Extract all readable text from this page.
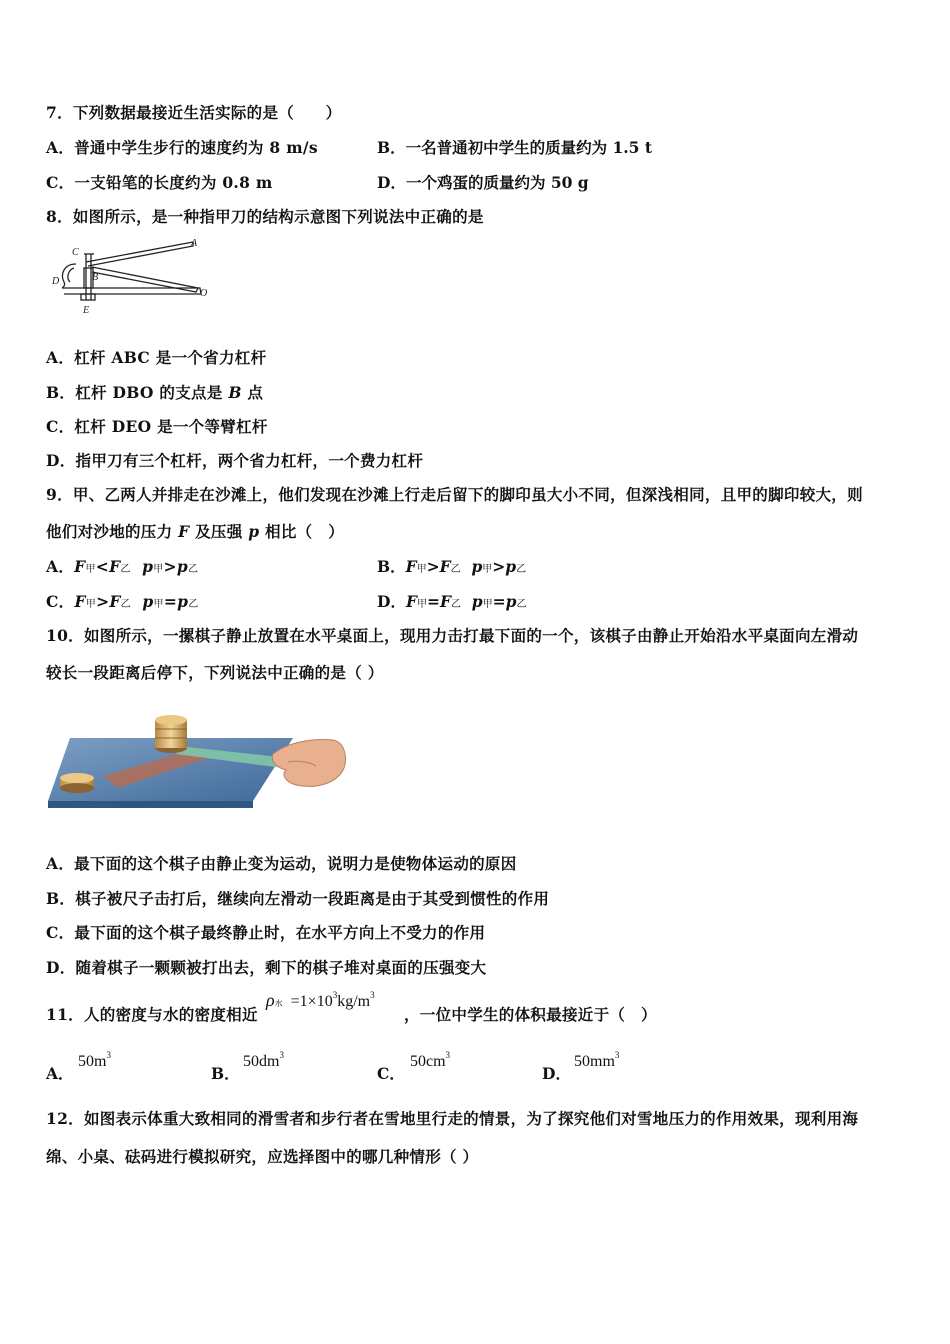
7．下列数据最接近生活实际的是（　　）
A．普通中学生步行的速度约为 8 m/s	B．一名普通初中学生的质量约为 1.5 t
C．一支铅笔的长度约为 0.8 m	D．一个鸡蛋的质量约为 50 g
8．如图所示，是一种指甲刀的结构示意图下列说法中正确的是
C
A
B
D
O
E
A．杠杆 ABC 是一个省力杠杆
B．杠杆 DBO 的支点是 B 点
C．杠杆 DEO 是一个等臂杠杆
D．指甲刀有三个杠杆，两个省力杠杆，一个费力杠杆
9．甲、乙两人并排走在沙滩上，他们发现在沙滩上行走后留下的脚印虽大小不同，但深浅相同，且甲的脚印较大，则
他们对沙地的压力 F 及压强 p 相比（　）
A．F甲<F乙 p甲>p乙	B．F甲>F乙 p甲>p乙
C．F甲>F乙 p甲=p乙	D．F甲=F乙 p甲=p乙
10．如图所示，一摞棋子静止放置在水平桌面上，现用力击打最下面的一个，该棋子由静止开始沿水平桌面向左滑动
较长一段距离后停下，下列说法中正确的是（ ）
A．最下面的这个棋子由静止变为运动，说明力是使物体运动的原因
B．棋子被尺子击打后，继续向左滑动一段距离是由于其受到惯性的作用
C．最下面的这个棋子最终静止时，在水平方向上不受力的作用
D．随着棋子一颗颗被打出去，剩下的棋子堆对桌面的压强变大
11．人的密度与水的密度相近
ρ水 $=1\times 10^3kg/m^3$
，一位中学生的体积最接近于（　）
A．
$50m^3$
B．
$50dm^3$
C．
$50cm^3$
D．
$50mm^3$
12．如图表示体重大致相同的滑雪者和步行者在雪地里行走的情景，为了探究他们对雪地压力的作用效果，现利用海
绵、小桌、砝码进行模拟研究，应选择图中的哪几种情形（ ）
